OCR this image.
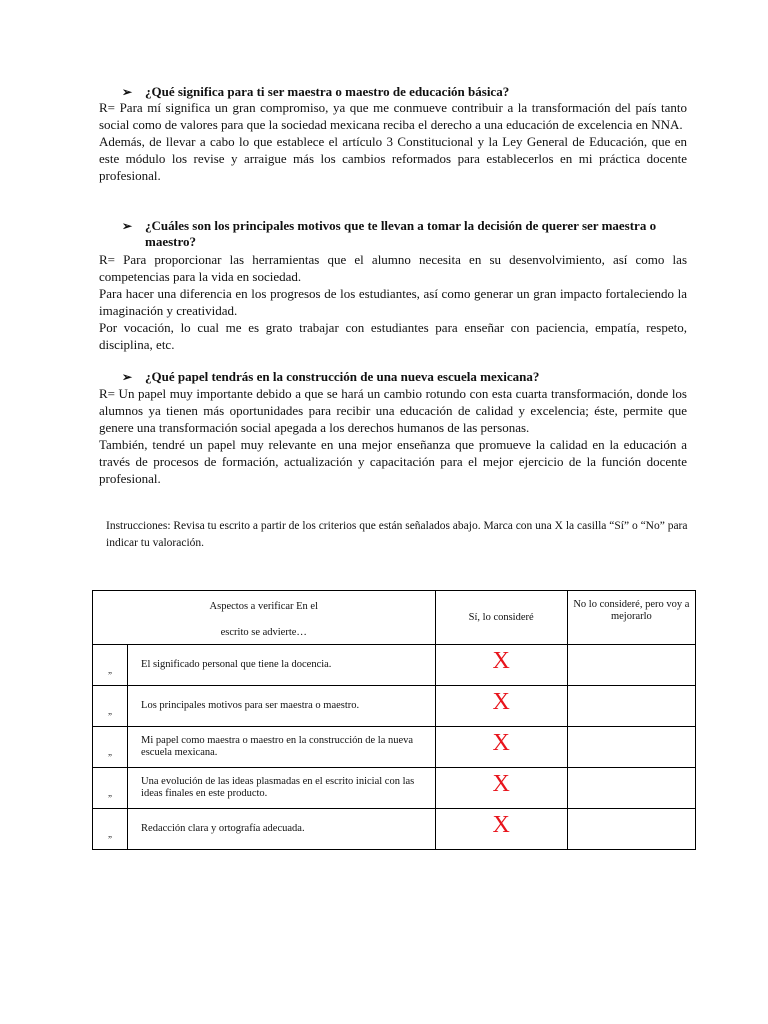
➢ ¿Qué significa para ti ser maestra o maestro de educación básica?

R= Para mí significa un gran compromiso, ya que me conmueve contribuir a la transformación del país tanto social como de valores para que la sociedad mexicana reciba el derecho a una educación de excelencia en NNA.

Además, de llevar a cabo lo que establece el artículo 3 Constitucional y la Ley General de Educación, que en este módulo los revise y arraigue más los cambios reformados para establecerlos en mi práctica docente profesional.

➢ ¿Cuáles son los principales motivos que te llevan a tomar la decisión de querer ser maestra o maestro?

R= Para proporcionar las herramientas que el alumno necesita en su desenvolvimiento, así como las competencias para la vida en sociedad.

Para hacer una diferencia en los progresos de los estudiantes, así como generar un gran impacto fortaleciendo la imaginación y creatividad.

Por vocación, lo cual me es grato trabajar con estudiantes para enseñar con paciencia, empatía, respeto, disciplina, etc.

➢ ¿Qué papel tendrás en la construcción de una nueva escuela mexicana?

R= Un papel muy importante debido a que se hará un cambio rotundo con esta cuarta transformación, donde los alumnos ya tienen más oportunidades para recibir una educación de calidad y excelencia; éste, permite que genere una transformación social apegada a los derechos humanos de las personas.

También, tendré un papel muy relevante en una mejor enseñanza que promueve la calidad en la educación a través de procesos de formación, actualización y capacitación para el mejor ejercicio de la función docente profesional.

Instrucciones: Revisa tu escrito a partir de los criterios que están señalados abajo. Marca con una X la casilla “Sí” o “No” para indicar tu valoración.
Aspectos a verificar En el
escrito se advierte…		Sí, lo consideré	No lo consideré, pero voy a mejorarlo
„	El significado personal que tiene la docencia.	X	
„	Los principales motivos para ser maestra o maestro.	X	
„	Mi papel como maestra o maestro en la construcción de la nueva escuela mexicana.	X	
„	Una evolución de las ideas plasmadas en el escrito inicial con las ideas finales en este producto.	X	
„	Redacción clara y ortografía adecuada.	X	
